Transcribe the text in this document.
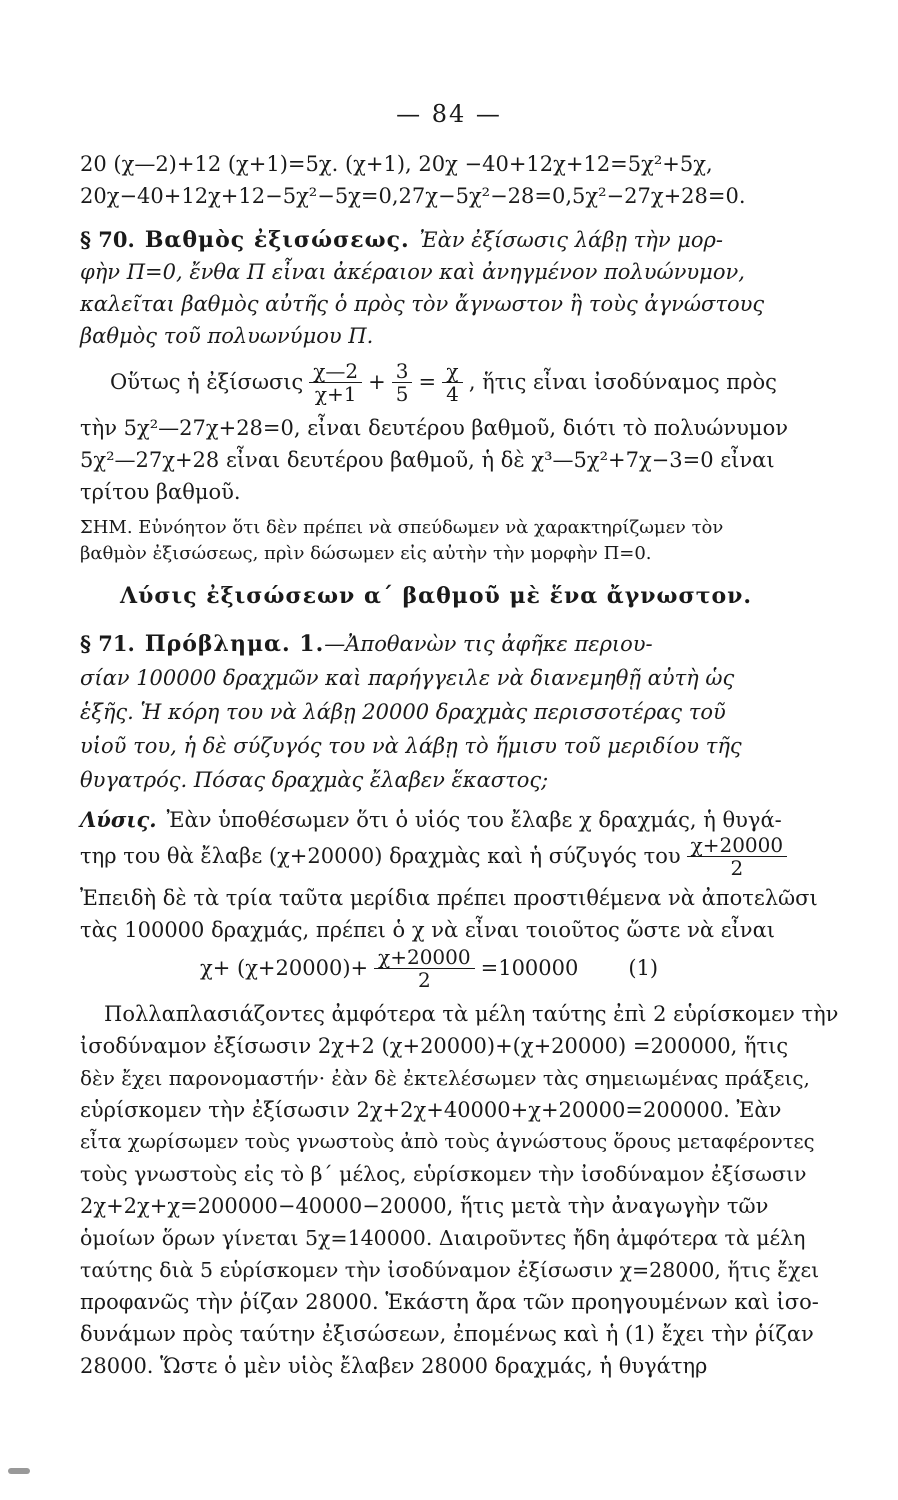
— 84 —
20 (χ—2)+12 (χ+1)=5χ. (χ+1), 20χ −40+12χ+12=5χ²+5χ,
20χ−40+12χ+12−5χ²−5χ=0,27χ−5χ²−28=0,5χ²−27χ+28=0.
§ 70. Βαθμὸς ἐξισώσεως. Ἐὰν ἐξίσωσις λάβῃ τὴν μορ-
φὴν Π=0, ἔνθα Π εἶναι ἀκέραιον καὶ ἀνηγμένον πολυώνυμον,
καλεῖται βαθμὸς αὐτῆς ὁ πρὸς τὸν ἄγνωστον ἢ τοὺς ἀγνώστους
βαθμὸς τοῦ πολυωνύμου Π.
Οὕτως ἡ ἐξίσωσις $\frac{\chi—2}{\chi+1} + \frac{3}{5} = \frac{\chi}{4}$ , ἥτις εἶναι ἰσοδύναμος πρὸς
τὴν 5χ²—27χ+28=0, εἶναι δευτέρου βαθμοῦ, διότι τὸ πολυώνυμον
5χ²—27χ+28 εἶναι δευτέρου βαθμοῦ, ἡ δὲ χ³—5χ²+7χ−3=0 εἶναι
τρίτου βαθμοῦ.
ΣΗΜ. Εὐνόητον ὅτι δὲν πρέπει νὰ σπεύδωμεν νὰ χαρακτηρίζωμεν τὸν
βαθμὸν ἐξισώσεως, πρὶν δώσωμεν εἰς αὐτὴν τὴν μορφὴν Π=0.
Λύσις ἐξισώσεων α΄ βαθμοῦ μὲ ἕνα ἄγνωστον.
§ 71. Πρόβλημα. 1. —Ἀποθανὼν τις ἀφῆκε περιου-
σίαν 100000 δραχμῶν καὶ παρήγγειλε νὰ διανεμηθῇ αὐτὴ ὡς
ἑξῆς. Ἡ κόρη του νὰ λάβῃ 20000 δραχμὰς περισσοτέρας τοῦ
υἱοῦ του, ἡ δὲ σύζυγός του νὰ λάβῃ τὸ ἥμισυ τοῦ μεριδίου τῆς
θυγατρός. Πόσας δραχμὰς ἔλαβεν ἕκαστος;
Λύσις. Ἐὰν ὑποθέσωμεν ὅτι ὁ υἱός του ἔλαβε χ δραχμάς, ἡ θυγά-
τηρ του θὰ ἔλαβε (χ+20000) δραχμὰς καὶ ἡ σύζυγός του $\frac{\chi+20000}{2}$
Ἐπειδὴ δὲ τὰ τρία ταῦτα μερίδια πρέπει προστιθέμενα νὰ ἀποτελῶσι
τὰς 100000 δραχμάς, πρέπει ὁ χ νὰ εἶναι τοιοῦτος ὥστε νὰ εἶναι
$\chi+ (\chi+20000)+ \frac{\chi+20000}{2} =100000$ (1)
Πολλαπλασιάζοντες ἀμφότερα τὰ μέλη ταύτης ἐπὶ 2 εὑρίσκομεν τὴν
ἰσοδύναμον ἐξίσωσιν 2χ+2 (χ+20000)+(χ+20000) =200000, ἥτις
δὲν ἔχει παρονομαστήν· ἐὰν δὲ ἐκτελέσωμεν τὰς σημειωμένας πράξεις,
εὑρίσκομεν τὴν ἐξίσωσιν 2χ+2χ+40000+χ+20000=200000. Ἐὰν
εἶτα χωρίσωμεν τοὺς γνωστοὺς ἀπὸ τοὺς ἀγνώστους ὅρους μεταφέροντες
τοὺς γνωστοὺς εἰς τὸ β΄ μέλος, εὑρίσκομεν τὴν ἰσοδύναμον ἐξίσωσιν
2χ+2χ+χ=200000−40000−20000, ἥτις μετὰ τὴν ἀναγωγὴν τῶν
ὁμοίων ὅρων γίνεται 5χ=140000. Διαιροῦντες ἤδη ἀμφότερα τὰ μέλη
ταύτης διὰ 5 εὑρίσκομεν τὴν ἰσοδύναμον ἐξίσωσιν χ=28000, ἥτις ἔχει
προφανῶς τὴν ῥίζαν 28000. Ἑκάστη ἄρα τῶν προηγουμένων καὶ ἰσο-
δυνάμων πρὸς ταύτην ἐξισώσεων, ἐπομένως καὶ ἡ (1) ἔχει τὴν ῥίζαν
28000. Ὥστε ὁ μὲν υἱὸς ἔλαβεν 28000 δραχμάς, ἡ θυγάτηρ
